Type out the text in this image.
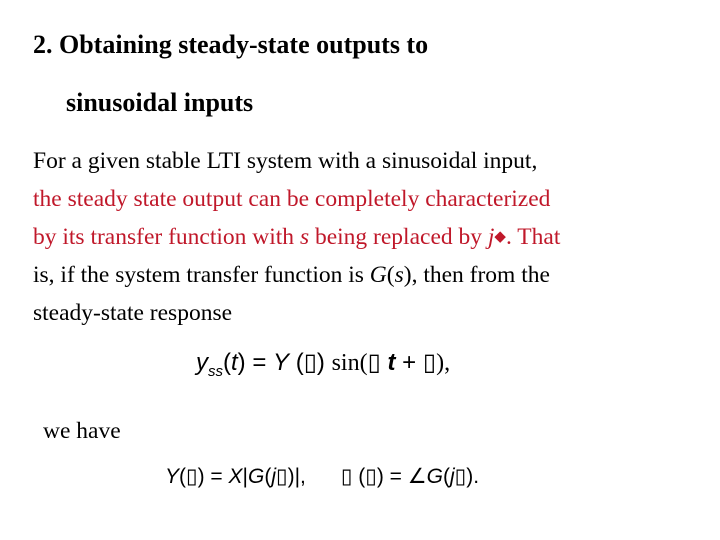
2. Obtaining steady-state outputs to
sinusoidal inputs
For a given stable LTI system with a sinusoidal input,
the steady state output can be completely characterized
by its transfer function with s being replaced by j◆. That
is, if the system transfer function is G(s), then from the
steady-state response
$y_{ss}(t) = Y$ (▯) sin(▯ t + ▯),
we have
Y(▯) = X|G(j▯)|, ▯ (▯) = ∠G(j▯).
